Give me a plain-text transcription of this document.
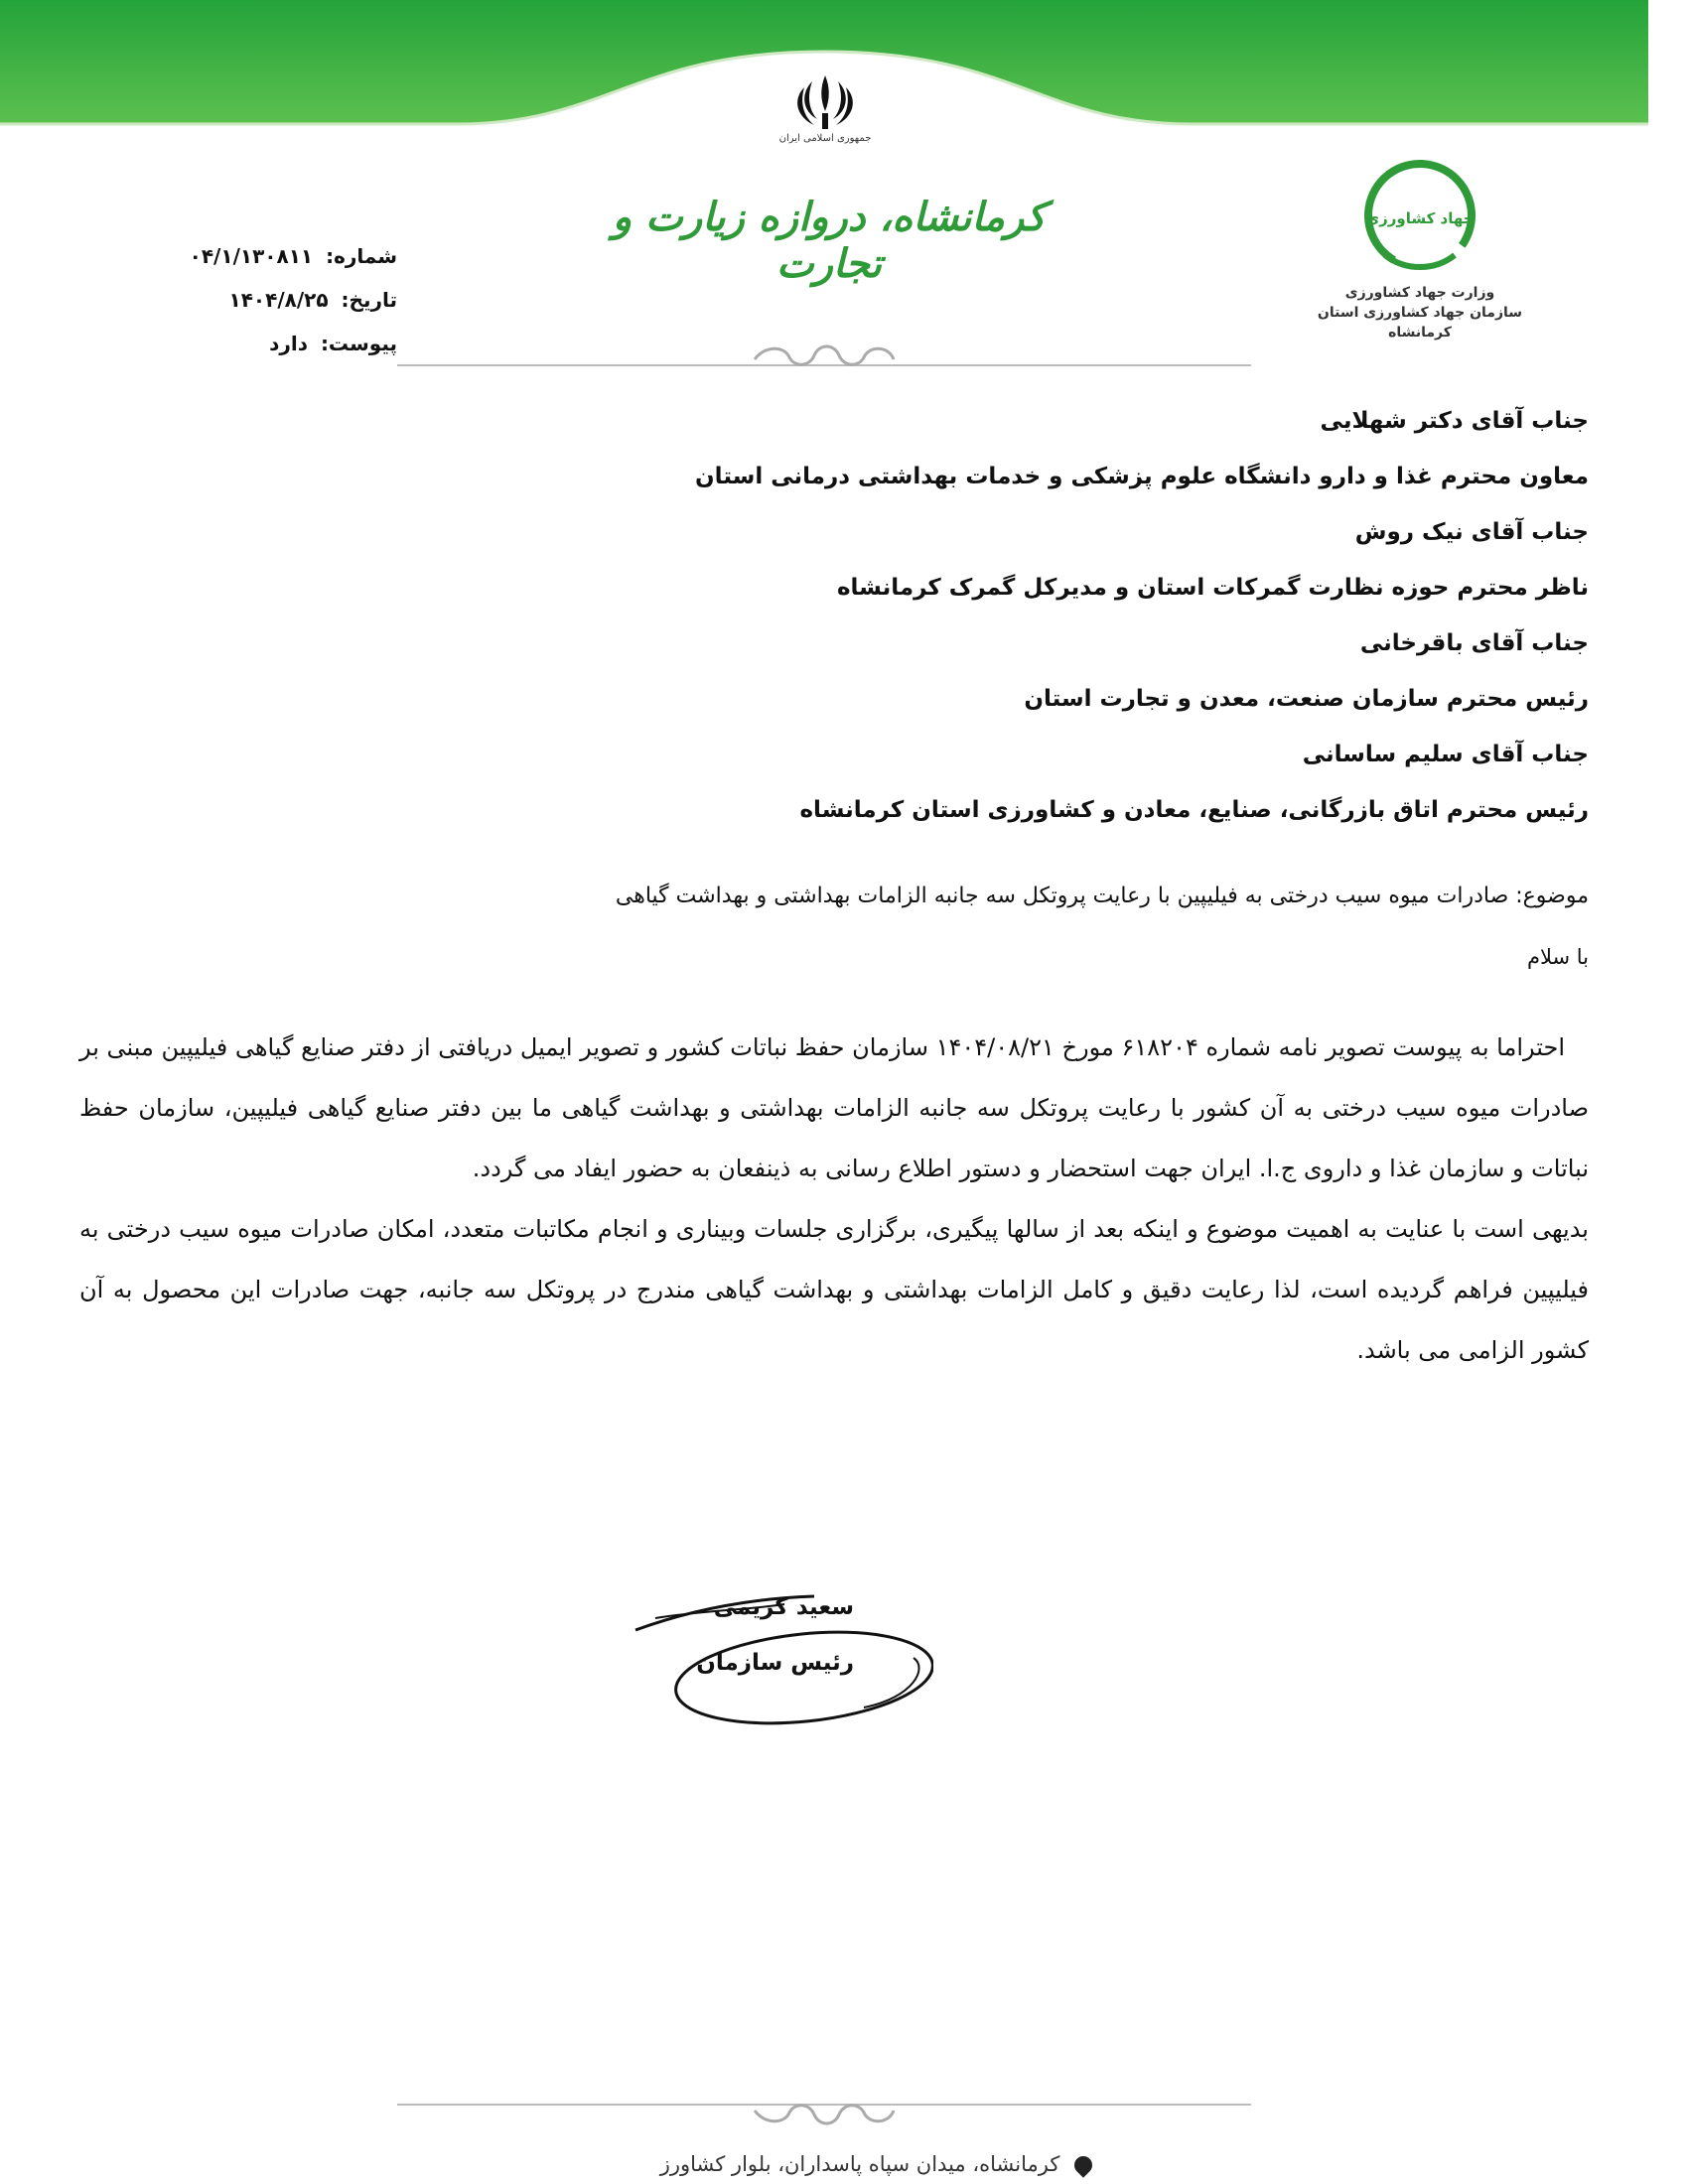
جمهوری اسلامی ایران
شماره: ۰۴/۱/۱۳۰۸۱۱
تاریخ: ۱۴۰۴/۸/۲۵
پیوست: دارد
کرمانشاه، دروازه زیارت و تجارت
جهاد کشاورزی
وزارت جهاد کشاورزی
سازمان جهاد کشاورزی استان کرمانشاه
جناب آقای دکتر شهلایی
معاون محترم غذا و دارو دانشگاه علوم پزشکی و خدمات بهداشتی درمانی استان
جناب آقای نیک روش
ناظر محترم حوزه نظارت گمرکات استان و مدیرکل گمرک کرمانشاه
جناب آقای باقرخانی
رئیس محترم سازمان صنعت، معدن و تجارت استان
جناب آقای سلیم ساسانی
رئیس محترم اتاق بازرگانی، صنایع، معادن و کشاورزی استان کرمانشاه
موضوع: صادرات میوه سیب درختی به فیلیپین با رعایت پروتکل سه جانبه الزامات بهداشتی و بهداشت گیاهی
با سلام

احتراما به پیوست تصویر نامه شماره ۶۱۸۲۰۴ مورخ ۱۴۰۴/۰۸/۲۱ سازمان حفظ نباتات کشور و تصویر ایمیل دریافتی از دفتر صنایع گیاهی فیلیپین مبنی بر صادرات میوه سیب درختی به آن کشور با رعایت پروتکل سه جانبه الزامات بهداشتی و بهداشت گیاهی ما بین دفتر صنایع گیاهی فیلیپین، سازمان حفظ نباتات و سازمان غذا و داروی ج.ا. ایران جهت استحضار و دستور اطلاع رسانی به ذینفعان به حضور ایفاد می گردد.

بدیهی است با عنایت به اهمیت موضوع و اینکه بعد از سالها پیگیری، برگزاری جلسات وبیناری و انجام مکاتبات متعدد، امکان صادرات میوه سیب درختی به فیلیپین فراهم گردیده است، لذا رعایت دقیق و کامل الزامات بهداشتی و بهداشت گیاهی مندرج در پروتکل سه جانبه، جهت صادرات این محصول به آن کشور الزامی می باشد.

سعید کریمی
رئیس سازمان
کرمانشاه، میدان سپاه پاسداران، بلوار کشاورز
